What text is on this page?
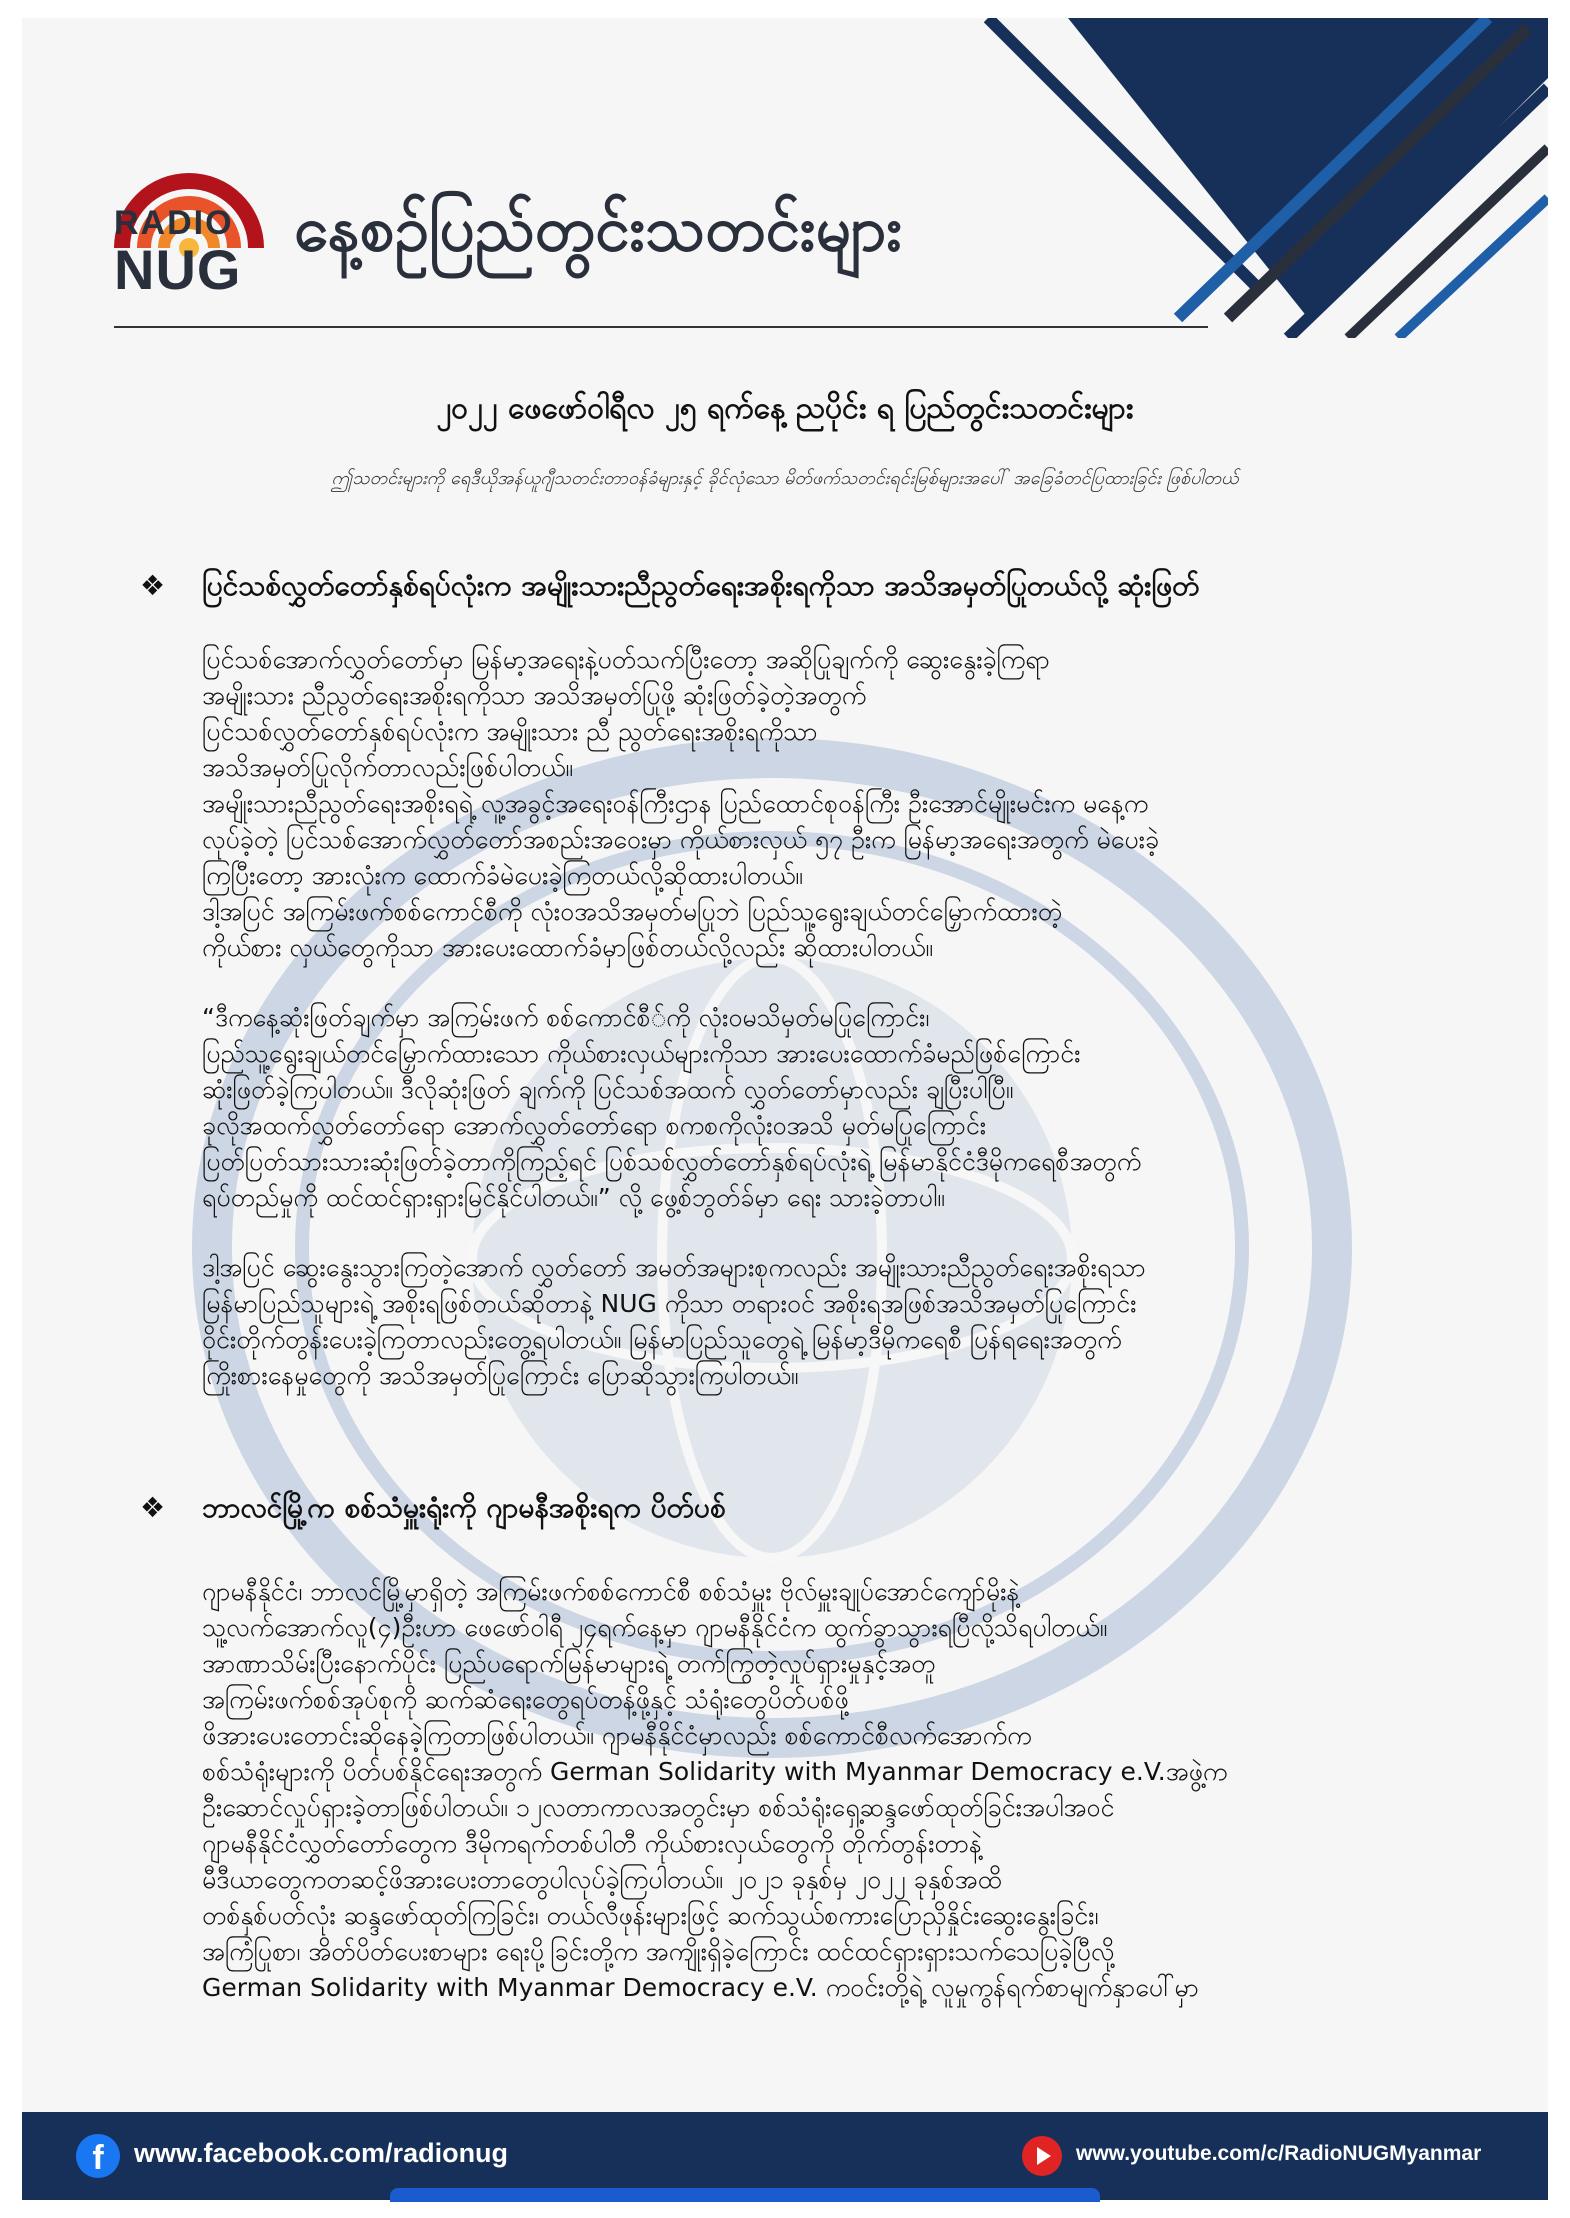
RADIO
NUG
နေ့စဉ်ပြည်တွင်းသတင်းများ
၂၀၂၂ ဖေဖော်ဝါရီလ ၂၅ ရက်နေ့ ညပိုင်း ရ ပြည်တွင်းသတင်းများ
ဤသတင်းများကို ရေဒီယိုအန်ယူဂျီသတင်းတာဝန်ခံများနှင့် ခိုင်လုံသော မိတ်ဖက်သတင်းရင်းမြစ်များအပေါ် အခြေခံတင်ပြထားခြင်း ဖြစ်ပါတယ်
❖ ပြင်သစ်လွှတ်တော်နှစ်ရပ်လုံးက အမျိုးသားညီညွတ်ရေးအစိုးရကိုသာ အသိအမှတ်ပြုတယ်လို့ ဆုံးဖြတ်

ပြင်သစ်အောက်လွှတ်တော်မှာ မြန်မာ့အရေးနဲ့ပတ်သက်ပြီးတော့ အဆိုပြုချက်ကို ဆွေးနွေးခဲ့ကြရာ

အမျိုးသား ညီညွတ်ရေးအစိုးရကိုသာ အသိအမှတ်ပြုဖို့ ဆုံးဖြတ်ခဲ့တဲ့အတွက်

ပြင်သစ်လွှတ်တော်နှစ်ရပ်လုံးက အမျိုးသား ညီ ညွတ်ရေးအစိုးရကိုသာ

အသိအမှတ်ပြုလိုက်တာလည်းဖြစ်ပါတယ်။

အမျိုးသားညီညွတ်ရေးအစိုးရရဲ့ လူ့အခွင့်အရေးဝန်ကြီးဌာန ပြည်ထောင်စုဝန်ကြီး ဦးအောင်မျိုးမင်းက မနေ့က

လုပ်ခဲ့တဲ့ ပြင်သစ်အောက်လွှတ်တော်အစည်းအဝေးမှာ ကိုယ်စားလှယ် ၅၇ ဦးက မြန်မာ့အရေးအတွက် မဲပေးခဲ့

ကြပြီးတော့ အားလုံးက ထောက်ခံမဲပေးခဲ့ကြတယ်လို့ဆိုထားပါတယ်။

ဒါ့အပြင် အကြမ်းဖက်စစ်ကောင်စီကို လုံးဝအသိအမှတ်မပြုဘဲ ပြည်သူ့ရွေးချယ်တင်မြှောက်ထားတဲ့

ကိုယ်စား လှယ်တွေကိုသာ အားပေးထောက်ခံမှာဖြစ်တယ်လို့လည်း ဆိုထားပါတယ်။

“ဒီကနေ့ဆုံးဖြတ်ချက်မှာ အကြမ်းဖက် စစ်ကောင်စီ်ကို လုံးဝမသိမှတ်မပြုကြောင်း၊

ပြည်သူ့ရွေးချယ်တင်မြှောက်ထားသော ကိုယ်စားလှယ်များကိုသာ အားပေးထောက်ခံမည်ဖြစ်ကြောင်း

ဆုံးဖြတ်ခဲ့ကြပါတယ်။ ဒီလိုဆုံးဖြတ် ချက်ကို ပြင်သစ်အထက် လွှတ်တော်မှာလည်း ချပြီးပါပြီ။

ခုလိုအထက်လွှတ်တော်ရော အောက်လွှတ်တော်ရော စကစကိုလုံးဝအသိ မှတ်မပြုကြောင်း

ပြတ်ပြတ်သားသားဆုံးဖြတ်ခဲ့တာကိုကြည့်ရင် ပြစ်သစ်လွှတ်တော်နှစ်ရပ်လုံးရဲ့ မြန်မာနိုင်ငံဒီမိုကရေစီအတွက်

ရပ်တည်မှုကို ထင်ထင်ရှားရှားမြင်နိုင်ပါတယ်။” လို့ ဖွေ့စ်ဘွတ်ခ်မှာ ရေး သားခဲ့တာပါ။

ဒါ့အပြင် ဆွေးနွေးသွားကြတဲ့အောက် လွှတ်တော် အမတ်အများစုကလည်း အမျိုးသားညီညွတ်ရေးအစိုးရသာ

မြန်မာပြည်သူများရဲ့ အစိုးရဖြစ်တယ်ဆိုတာနဲ့ NUG ကိုသာ တရားဝင် အစိုးရအဖြစ်အသိအမှတ်ပြုကြောင်း

ဝိုင်းတိုက်တွန်းပေးခဲ့ကြတာလည်းတွေ့ရပါတယ်။ မြန်မာပြည်သူတွေရဲ့ မြန်မာ့ဒီမိုကရေစီ ပြန်ရရေးအတွက်

ကြိုးစားနေမှုတွေကို အသိအမှတ်ပြုကြောင်း ပြောဆိုသွားကြပါတယ်။

❖ ဘာလင်မြို့က စစ်သံမှူးရုံးကို ဂျာမနီအစိုးရက ပိတ်ပစ်

ဂျာမနီနိုင်ငံ၊ ဘာလင်မြို့မှာရှိတဲ့ အကြမ်းဖက်စစ်ကောင်စီ စစ်သံမှူး ဗိုလ်မှူးချုပ်အောင်ကျော်မိုးနဲ့

သူ့လက်အောက်လူ(၄)ဦးဟာ ဖေဖော်ဝါရီ ၂၄ရက်နေ့မှာ ဂျာမနီနိုင်ငံက ထွက်ခွာသွားရပြီလို့သိရပါတယ်။

အာဏာသိမ်းပြီးနောက်ပိုင်း ပြည်ပရောက်မြန်မာများရဲ့ တက်ကြွတဲ့လှုပ်ရှားမှုနှင့်အတူ

အကြမ်းဖက်စစ်အုပ်စုကို ဆက်ဆံရေးတွေရပ်တန့်ဖို့နှင့် သံရုံးတွေပိတ်ပစ်ဖို့

ဖိအားပေးတောင်းဆိုနေခဲ့ကြတာဖြစ်ပါတယ်။ ဂျာမနီနိုင်ငံမှာလည်း စစ်ကောင်စီလက်အောက်က

စစ်သံရုံးများကို ပိတ်ပစ်နိုင်ရေးအတွက် German Solidarity with Myanmar Democracy e.V.အဖွဲ့က

ဦးဆောင်လှုပ်ရှားခဲ့တာဖြစ်ပါတယ်။ ၁၂လတာကာလအတွင်းမှာ စစ်သံရုံးရှေ့ဆန္ဒဖော်ထုတ်ခြင်းအပါအဝင်

ဂျာမနီနိုင်ငံလွှတ်တော်တွေက ဒီမိုကရက်တစ်ပါတီ ကိုယ်စားလှယ်တွေကို တိုက်တွန်းတာနဲ့

မီဒီယာတွေကတဆင့်ဖိအားပေးတာတွေပါလုပ်ခဲ့ကြပါတယ်။ ၂၀၂၁ ခုနှစ်မှ ၂၀၂၂ ခုနှစ်အထိ

တစ်နှစ်ပတ်လုံး ဆန္ဒဖော်ထုတ်ကြခြင်း၊ တယ်လီဖုန်းများဖြင့် ဆက်သွယ်စကားပြောညှိနှိုင်းဆွေးနွေးခြင်း၊

အကြံပြုစာ၊ အိတ်ပိတ်ပေးစာများ ရေးပို့ခြင်းတို့က အကျိုးရှိခဲ့ကြောင်း ထင်ထင်ရှားရှားသက်သေပြခဲ့ပြီလို့

German Solidarity with Myanmar Democracy e.V. ကဝင်းတို့ရဲ့ လူမှုကွန်ရက်စာမျက်နှာပေါ်မှာ

f	www.facebook.com/radionug	www.youtube.com/c/RadioNUGMyanmar
